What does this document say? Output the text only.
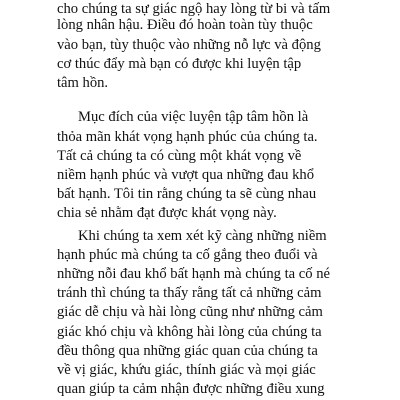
cho chúng ta sự giác ngộ hay lòng từ bi và tấm
lòng nhân hậu. Điều đó hoàn toàn tùy thuộc
vào bạn, tùy thuộc vào những nỗ lực và động
cơ thúc đẩy mà bạn có được khi luyện tập
tâm hồn.
Mục đích của việc luyện tập tâm hồn là
thỏa mãn khát vọng hạnh phúc của chúng ta.
Tất cả chúng ta có cùng một khát vọng về
niềm hạnh phúc và vượt qua những đau khổ
bất hạnh. Tôi tin rằng chúng ta sẽ cùng nhau
chia sẻ nhằm đạt được khát vọng này.
Khi chúng ta xem xét kỹ càng những niềm
hạnh phúc mà chúng ta cố gắng theo đuổi và
những nỗi đau khổ bất hạnh mà chúng ta cố né
tránh thì chúng ta thấy rằng tất cả những cảm
giác dễ chịu và hài lòng cũng như những cảm
giác khó chịu và không hài lòng của chúng ta
đều thông qua những giác quan của chúng ta
về vị giác, khứu giác, thính giác và mọi giác
quan giúp ta cảm nhận được những điều xung
